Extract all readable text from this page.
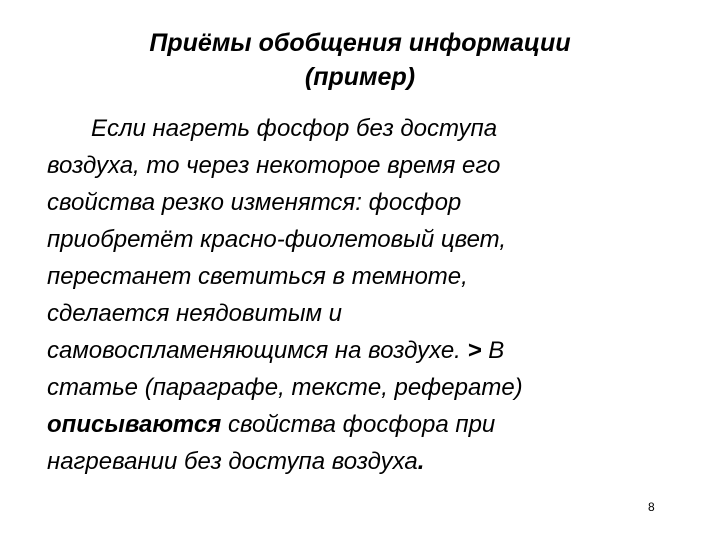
Приёмы обобщения информации
(пример)

Если нагреть фосфор без доступа
воздуха, то через некоторое время его
свойства резко изменятся: фосфор
приобретёт красно-фиолетовый цвет,
перестанет светиться в темноте,
сделается неядовитым и
самовоспламеняющимся на воздухе. > В
статье (параграфе, тексте, реферате)
описываются свойства фосфора при
нагревании без доступа воздуха.

8
